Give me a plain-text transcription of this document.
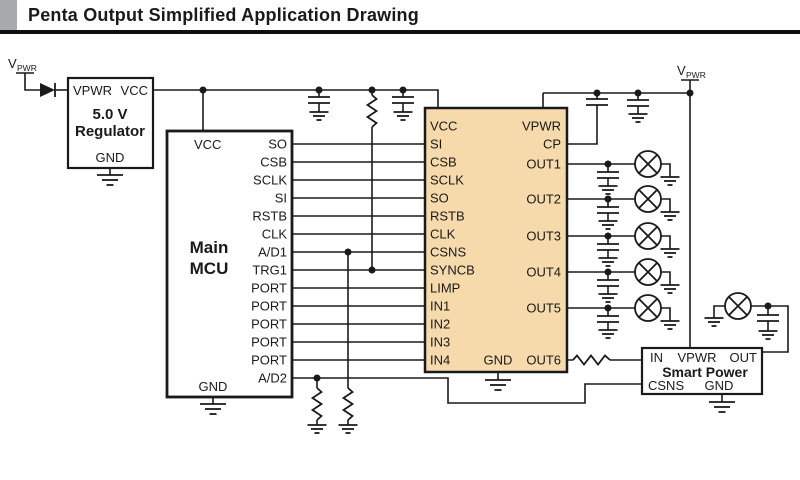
Penta Output Simplified Application Drawing
V PWR
VPWR VCC
5.0 V
Regulator
GND
VCC
Main
MCU
GND
SO
CSB
SCLK
SI
RSTB
CLK
A/D1
TRG1
PORT
PORT
PORT
PORT
PORT
A/D2
VCC
SI
CSB
SCLK
SO
RSTB
CLK
CSNS
SYNCB
LIMP
IN1
IN2
IN3
IN4
VPWR
CP
OUT1
OUT2
OUT3
OUT4
OUT5
GND OUT6
V PWR
IN VPWR OUT
Smart Power
CSNS GND
